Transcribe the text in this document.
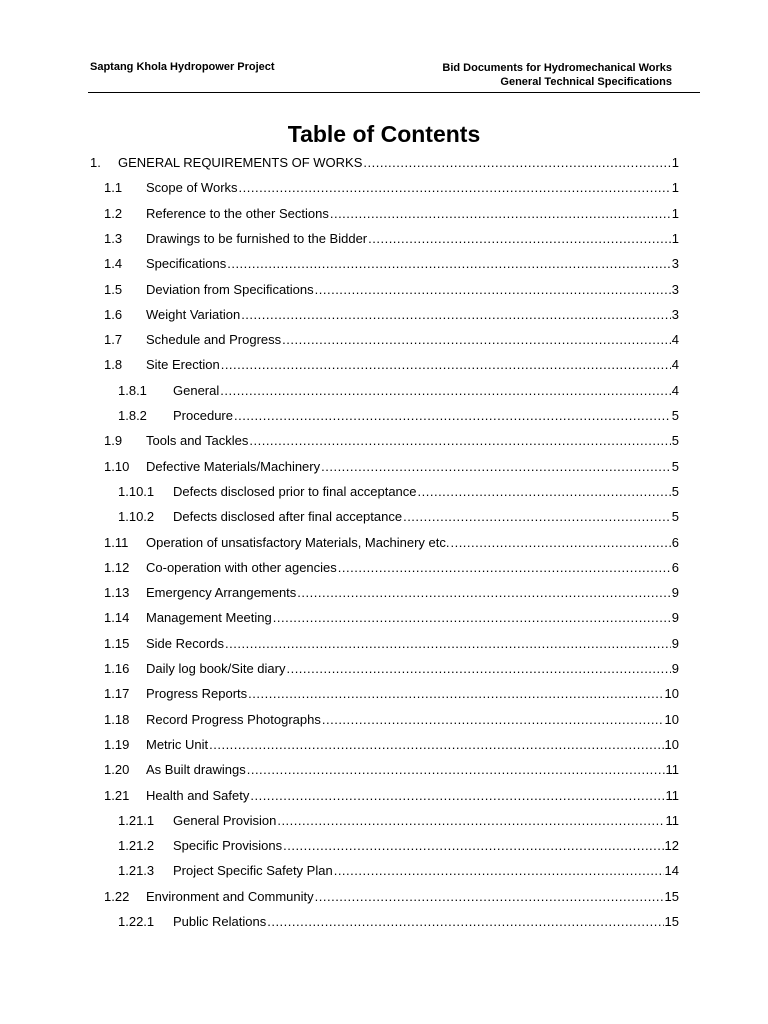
Saptang Khola Hydropower Project	Bid Documents for Hydromechanical Works
General Technical Specifications
Table of Contents
1.	GENERAL REQUIREMENTS OF WORKS .....	1
1.1	Scope of Works .....	1
1.2	Reference to the other Sections .....	1
1.3	Drawings to be furnished to the Bidder .....	1
1.4	Specifications .....	3
1.5	Deviation from Specifications .....	3
1.6	Weight Variation .....	3
1.7	Schedule and Progress .....	4
1.8	Site Erection .....	4
1.8.1	General .....	4
1.8.2	Procedure .....	5
1.9	Tools and Tackles .....	5
1.10	Defective Materials/Machinery .....	5
1.10.1	Defects disclosed prior to final acceptance .....	5
1.10.2	Defects disclosed after final acceptance .....	5
1.11	Operation of unsatisfactory Materials, Machinery etc. .....	6
1.12	Co-operation with other agencies .....	6
1.13	Emergency Arrangements .....	9
1.14	Management Meeting .....	9
1.15	Side Records .....	9
1.16	Daily log book/Site diary .....	9
1.17	Progress Reports .....	10
1.18	Record Progress Photographs .....	10
1.19	Metric Unit .....	10
1.20	As Built drawings .....	11
1.21	Health and Safety .....	11
1.21.1	General Provision .....	11
1.21.2	Specific Provisions .....	12
1.21.3	Project Specific Safety Plan .....	14
1.22	Environment and Community .....	15
1.22.1	Public Relations .....	15
